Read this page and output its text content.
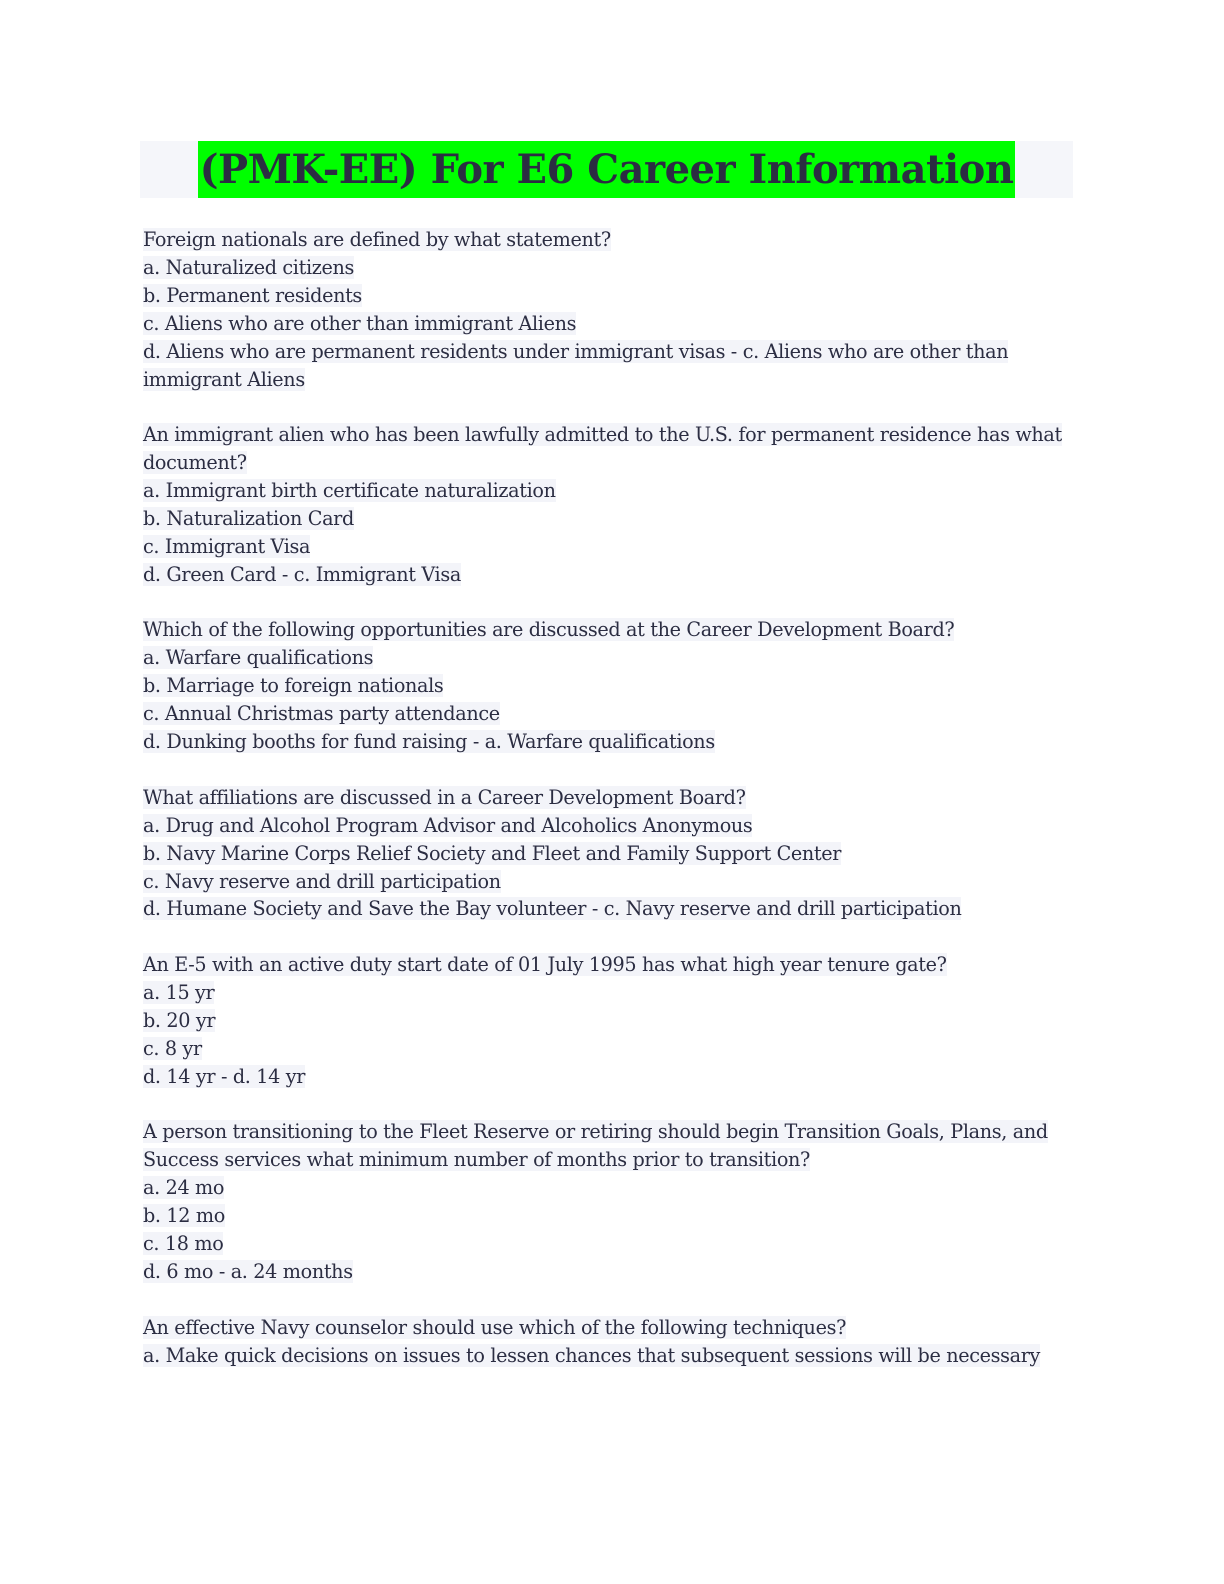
(PMK-EE) For E6 Career Information
Foreign nationals are defined by what statement?
a. Naturalized citizens
b. Permanent residents
c. Aliens who are other than immigrant Aliens
d. Aliens who are permanent residents under immigrant visas - c. Aliens who are other than immigrant Aliens
An immigrant alien who has been lawfully admitted to the U.S. for permanent residence has what document?
a. Immigrant birth certificate naturalization
b. Naturalization Card
c. Immigrant Visa
d. Green Card - c. Immigrant Visa
Which of the following opportunities are discussed at the Career Development Board?
a. Warfare qualifications
b. Marriage to foreign nationals
c. Annual Christmas party attendance
d. Dunking booths for fund raising - a. Warfare qualifications
What affiliations are discussed in a Career Development Board?
a. Drug and Alcohol Program Advisor and Alcoholics Anonymous
b. Navy Marine Corps Relief Society and Fleet and Family Support Center
c. Navy reserve and drill participation
d. Humane Society and Save the Bay volunteer - c. Navy reserve and drill participation
An E-5 with an active duty start date of 01 July 1995 has what high year tenure gate?
a. 15 yr
b. 20 yr
c. 8 yr
d. 14 yr - d. 14 yr
A person transitioning to the Fleet Reserve or retiring should begin Transition Goals, Plans, and Success services what minimum number of months prior to transition?
a. 24 mo
b. 12 mo
c. 18 mo
d. 6 mo - a. 24 months
An effective Navy counselor should use which of the following techniques?
a. Make quick decisions on issues to lessen chances that subsequent sessions will be necessary
